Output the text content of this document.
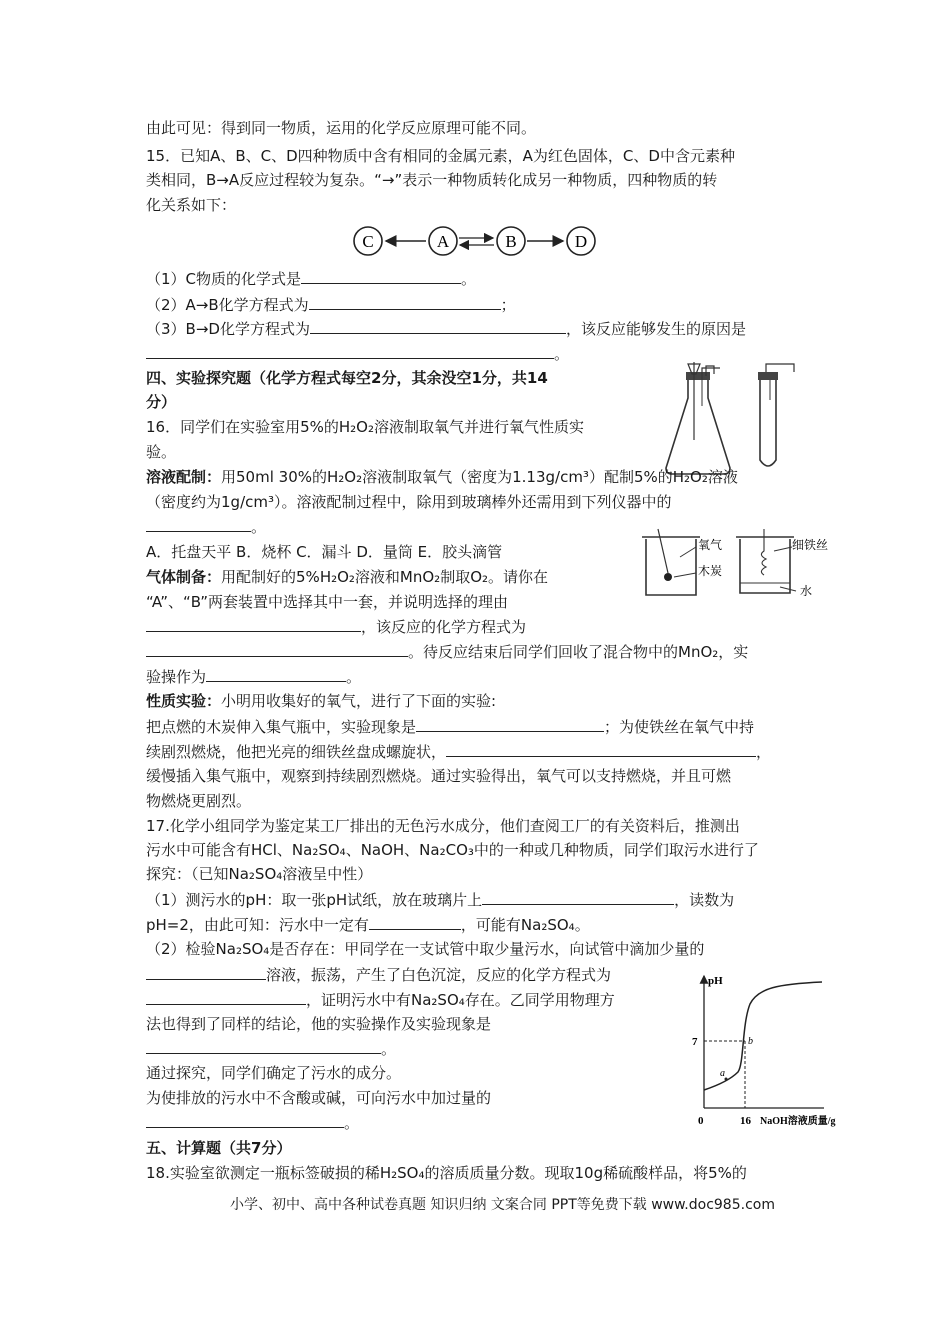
由此可见：得到同一物质，运用的化学反应原理可能不同。
15．已知A、B、C、D四种物质中含有相同的金属元素，A为红色固体，C、D中含元素种
类相同，B→A反应过程较为复杂。“→”表示一种物质转化成另一种物质，四种物质的转
化关系如下：
C	A	B	D
（1）C物质的化学式是	。
（2）A→B化学方程式为	；
（3）B→D化学方程式为	，该反应能够发生的原因是
。
四、实验探究题（化学方程式每空2分，其余没空1分，共14
分）
16．同学们在实验室用5%的H₂O₂溶液制取氧气并进行氧气性质实
验。
溶液配制：用50ml 30%的H₂O₂溶液制取氧气（密度为1.13g/cm³）配制5%的H₂O₂溶液
（密度约为1g/cm³）。溶液配制过程中，除用到玻璃棒外还需用到下列仪器中的
。
A．托盘天平 B．烧杯 C．漏斗 D．量筒 E．胶头滴管	氧气
木炭
细铁丝
水
气体制备：用配制好的5%H₂O₂溶液和MnO₂制取O₂。请你在
“A”、“B”两套装置中选择其中一套，并说明选择的理由
，该反应的化学方程式为
。待反应结束后同学们回收了混合物中的MnO₂，实
验操作为	。
性质实验：小明用收集好的氧气，进行了下面的实验:
把点燃的木炭伸入集气瓶中，实验现象是	；为使铁丝在氧气中持
续剧烈燃烧，他把光亮的细铁丝盘成螺旋状，	，
缓慢插入集气瓶中，观察到持续剧烈燃烧。通过实验得出，氧气可以支持燃烧，并且可燃
物燃烧更剧烈。
17.化学小组同学为鉴定某工厂排出的无色污水成分，他们查阅工厂的有关资料后，推测出
污水中可能含有HCl、Na₂SO₄、NaOH、Na₂CO₃中的一种或几种物质，同学们取污水进行了
探究：（已知Na₂SO₄溶液呈中性）
（1）测污水的pH：取一张pH试纸，放在玻璃片上	，读数为
pH=2，由此可知：污水中一定有	，可能有Na₂SO₄。
（2）检验Na₂SO₄是否存在：甲同学在一支试管中取少量污水，向试管中滴加少量的
溶液，振荡，产生了白色沉淀，反应的化学方程式为
，证明污水中有Na₂SO₄存在。乙同学用物理方
法也得到了同样的结论，他的实验操作及实验现象是
。
通过探究，同学们确定了污水的成分。
为使排放的污水中不含酸或碱，可向污水中加过量的
。
pH
7
0	16 NaOH溶液质量/g
a
b
五、计算题（共7分）
18.实验室欲测定一瓶标签破损的稀H₂SO₄的溶质质量分数。现取10g稀硫酸样品，将5%的
小学、初中、高中各种试卷真题 知识归纳 文案合同 PPT等免费下载 www.doc985.com
